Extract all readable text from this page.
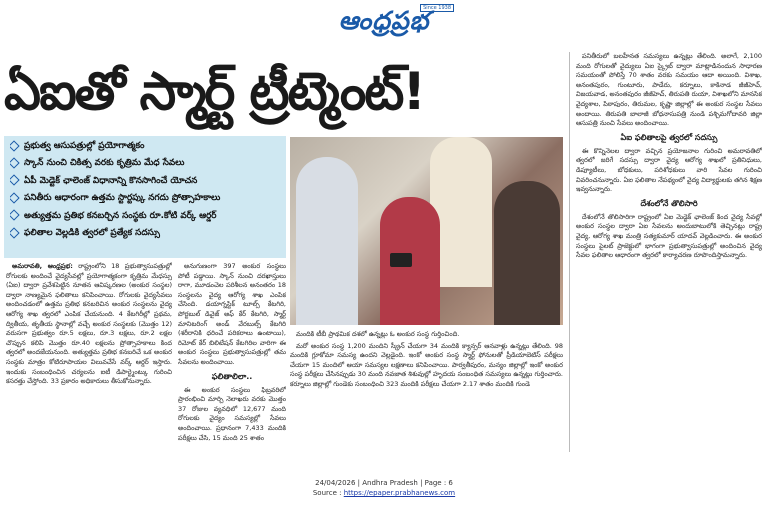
ఆంధ్రప్రభ
Since 1938
ఏఐతో స్మార్ట్ ట్రీట్మెంట్!
ప్రభుత్వ ఆసుపత్రుల్లో ప్రయోగాత్మకం
స్కాన్ నుంచి చికిత్స వరకు కృత్రిమ మేధ సేవలు
ఏపీ మెడ్టెక్ ఛాలెంజ్ విధానాన్ని కొనసాగించే యోచన
పనితీరు ఆధారంగా ఉత్తమ స్టార్టప్కు నగదు ప్రోత్సాహకాలు
అత్యుత్తమ ప్రతిభ కనబర్చిన సంస్థకు రూ.కోటి వర్క్ ఆర్డర్
ఫలితాల వెల్లడికి త్వరలో ప్రత్యేక సదస్సు

అమరావతి, ఆంధ్రప్రభ: రాష్ట్రంలోని 18 ప్రభుత్వాసుపత్రుల్లో రోగులకు అందించే వైద్యసేవల్లో ప్రయోగాత్మకంగా కృత్రిమ మేధస్సు (ఏఐ) ద్వారా ప్రవేశపెట్టిన నూతన ఆవిష్కరణల (అంకుర సంస్థల) ద్వారా నాణ్యమైన ఫలితాలు కనిపించాయి. రోగులకు వైద్యసేవలు అందించడంలో ఉత్తమ ప్రతిభ కనబరిచిన అంకుర సంస్థలను వైద్య ఆరోగ్య శాఖ త్వరలో ఎంపిక చేయనుంది. 4 కేటగిరీల్లో ప్రథమ, ద్వితీయ, తృతీయ స్థానాల్లో వచ్చే అంకుర సంస్థలకు (మొత్తం 12) వరుసగా ప్రభుత్వం రూ.5 లక్షలు, రూ.3 లక్షలు, రూ.2 లక్షల చొప్పున కలిపి మొత్తం రూ.40 లక్షలను ప్రోత్సాహకాలు కింద త్వరలో అందజేయనుంది. అత్యుత్తమ ప్రతిభ కనబరిచే ఒక అంకుర సంస్థకు మాత్రం కోటిరూపాయల విలువచేసే వర్క్ ఆర్డర్ ఇస్తారు. ఇందుకు సంబంధించిన చర్యలను ఐటీ డిపార్ట్మెంట్కు గురించి కసరత్తు చేస్తోంది. 33 ప్రకారం అధికారులు తీసుకోనున్నారు.

అనుగుణంగా 397 అంకుర సంస్థలు పోటీ పడ్డాయి. స్కాన్ నుంచి దరఖాస్తులు రాగా, మూడంచెల పరిశీలన అనంతరం 18 సంస్థలను వైద్య ఆరోగ్య శాఖ ఎంపిక చేసింది. డయాగ్నస్టిక్ టూల్స్ కేటగిరి, పోర్టబుల్ డివైజ్ అఫ్ కేర్ కేటగిరి, స్మార్ట్ మానిటరింగ్ అండ్ వేరబుల్స్ కేటగిరి (శరీరానికి ధరించే పరికరాలు ఉంటాయి), రిమోట్ కేర్ బిలిటేషన్ కేటగిరిల వారిగా ఈ అంకుర సంస్థలు ప్రభుత్వాసుపత్రుల్లో తమ సేవలను అందించాయి.

ఫలితాలిలా..

ఈ అంకుర సంస్థలు ఫిబ్రవరిలో ప్రారంభించి మార్చి నెలాఖరు వరకు మొత్తం 37 రోజుల వ్యవధిలో 12,677 మంది రోగులకు వైద్యం సమస్యల్లో సేవలు అందించాయి. ప్రధానంగా 7,433 మందికి పరీక్షలు చేసి, 15 మంది 25 శాతం

మందికి టీబీ ప్రాథమిక దశలో ఉన్నట్లు ఓ అంకుర సంస్థ గుర్తించింది.

మరో అంకుర సంస్థ 1,200 మందిని స్క్రీన్ చేయగా 34 మందికి క్యాన్సర్ ఆనవాళ్లు ఉన్నట్లు తేలింది. 98 మందికి గ్లూకోమా సమస్య ఉందని వెల్లడైంది. ఇంకో అంకుర సంస్థ స్మార్ట్ ఫోనులతో ప్రీడియాబెటిస్ పరీక్షలు చేయగా 15 మందిలో ఆయా సమస్యల లక్షణాలు కనిపించాయి. పార్వతీపురం, మన్యం జిల్లాల్లో ఇంకో అంకుర సంస్థ పరీక్షలు చేసినప్పుడు 30 మంది నవజాత శిశువుల్లో హృదయ సంబంధిత సమస్యలు ఉన్నట్లు గుర్తించారు. కర్నూలు జిల్లాల్లో గుండెకు సంబంధించి 323 మందికి పరీక్షలు చేయగా 2.17 శాతం మందికి గుండె

పనితీరులో బలహీనత సమస్యలు ఉన్నట్లు తేలింది. అలాగే, 2,100 మంది రోగులతో వైద్యులు ఏఐ స్క్రైబ్ ద్వారా మాట్లాడినందున సాధారణ సమయంతో పోలిస్తే 70 శాతం వరకు సమయం ఆదా అయింది. విశాఖ, అనంతపురం, గుంటూరు, పాడేరు, కర్నూలు, కాకినాడ జీజీహెచ్, విజయవాడ, అనంతపురం జీజీహెచ్, తిరుపతి రుయా, విశాఖలోని మానసిక వైద్యశాల, పిఠాపురం, తిరుమల, కృష్ణా జిల్లాల్లో ఈ అంకుర సంస్థల సేవలు అందాయి. తిరుపతి బాలాజీ బోధనాసుపత్రి నుండి పశ్చిమగోదావరి జిల్లా ఆసుపత్రి నుంచి సేవలు అందించాయి.

ఏఐ ఫలితాలపై త్వరలో సదస్సు

ఈ కొన్నినెలల ద్వారా వచ్చిన ప్రయోజనాల గురించి అమరావతిలో త్వరలో జరిగే సదస్సు ద్వారా వైద్య ఆరోగ్య శాఖలో ప్రతినిధులు, డిప్యూటీలు, బోధకులు, పరిశోధకులు వారి సేవల గురించి వివరించనున్నారు. ఏఐ ఫలితాల నేపథ్యంలో వైద్య విద్యార్థులకు తగిన శిక్షణ ఇవ్వనున్నారు.

దేశంలోనే తొలిసారి

దేశంలోనే తొలిసారిగా రాష్ట్రంలో ఏఐ మెడ్టెక్ ఛాలెంజ్ కింద వైద్య సేవల్లో అంకుర సంస్థల ద్వారా ఏఐ సేవలను అందుబాటులోకి తెచ్చినట్లు రాష్ట్ర వైద్య, ఆరోగ్య శాఖ మంత్రి సత్యకుమార్ యాదవ్ వెల్లడించారు. ఈ అంకుర సంస్థలు పైలట్ ప్రాజెక్టులో భాగంగా ప్రభుత్వాసుపత్రుల్లో అందించిన వైద్య సేవల ఫలితాల ఆధారంగా త్వరలో కార్యాచరణ రూపొందిస్తామన్నారు.

24/04/2026 | Andhra Pradesh | Page : 6
Source : https://epaper.prabhanews.com
